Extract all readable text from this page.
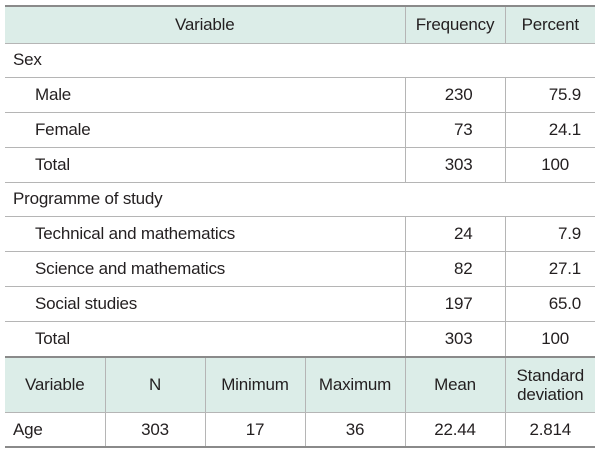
Variable	Frequency	Percent
Sex		
Male	230	75.9
Female	73	24.1
Total	303	100
Programme of study		
Technical and mathematics	24	7.9
Science and mathematics	82	27.1
Social studies	197	65.0
Total	303	100
Variable	N	Minimum	Maximum	Mean	Standard
deviation
Age	303	17	36	22.44	2.814
